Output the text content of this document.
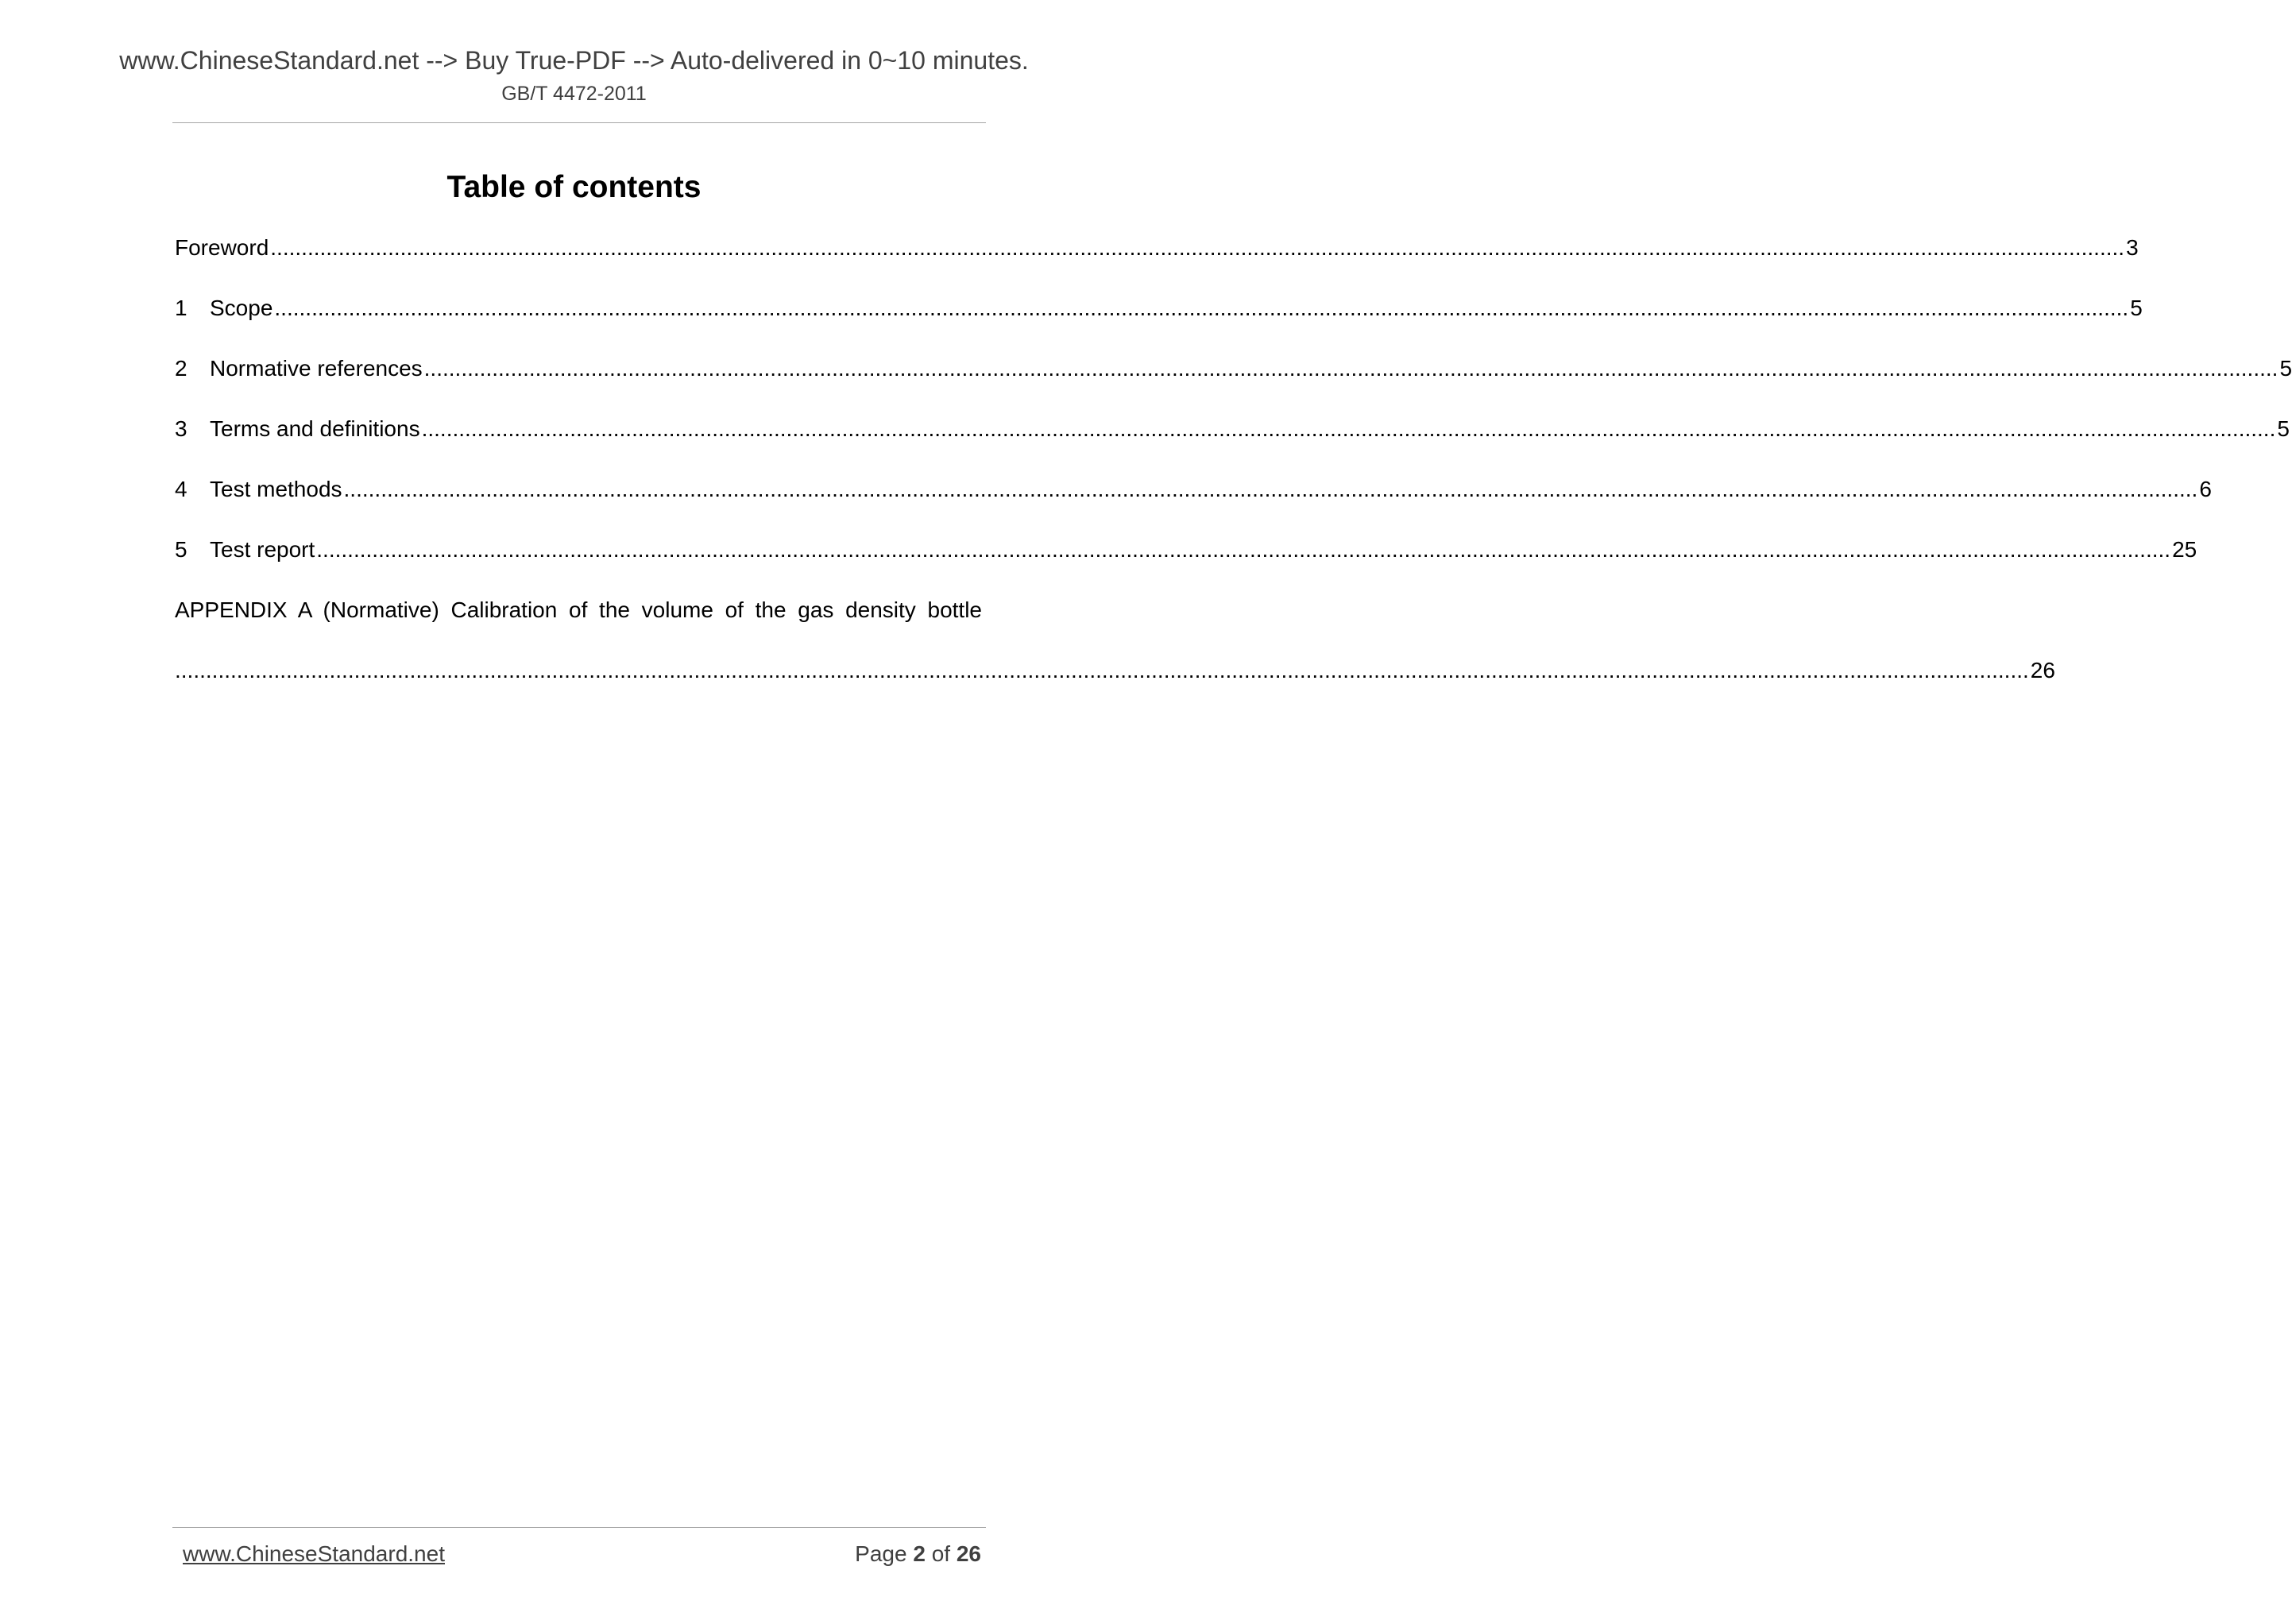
www.ChineseStandard.net --> Buy True-PDF --> Auto-delivered in 0~10 minutes.
GB/T 4472-2011
Table of contents
Foreword ............................................................................................................................................................................................................................................................................................................ 3
1	Scope ............................................................................................................................................................................................................................................................................................................ 5
2	Normative references ............................................................................................................................................................................................................................................................................................................ 5
3	Terms and definitions ............................................................................................................................................................................................................................................................................................................ 5
4	Test methods ............................................................................................................................................................................................................................................................................................................ 6
5	Test report ............................................................................................................................................................................................................................................................................................................ 25
APPENDIX A (Normative) Calibration of the volume of the gas density bottle
............................................................................................................................................................................................................................................................................................................ 26
www.ChineseStandard.net	Page 2 of 26
